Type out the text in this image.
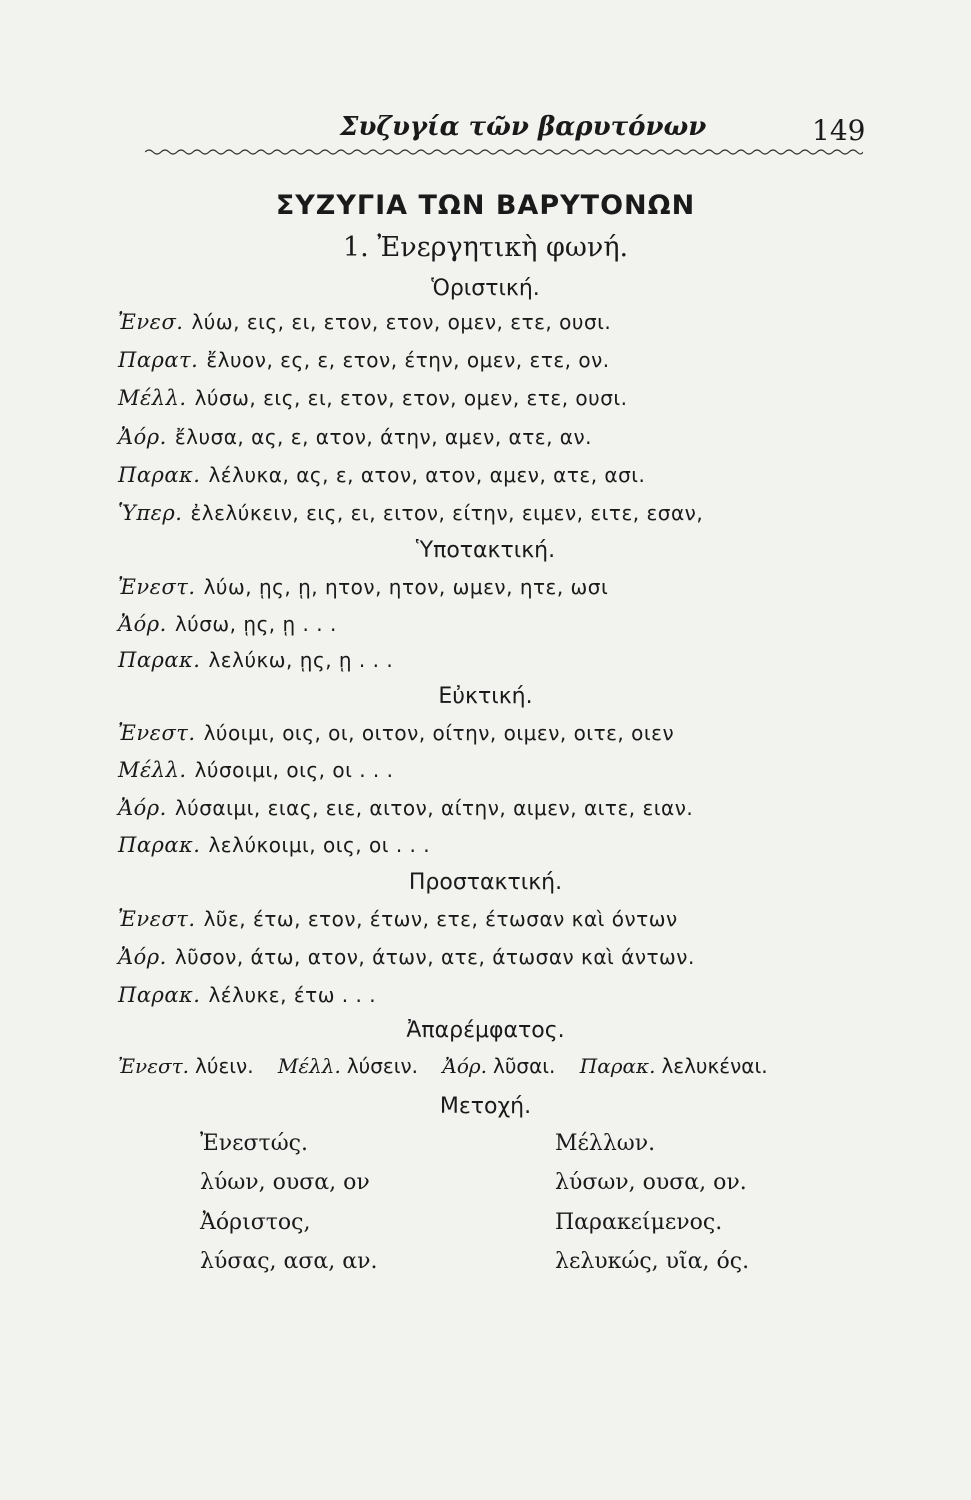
Συζυγία τῶν βαρυτόνων	149
ΣΥΖΥΓΙΑ ΤΩΝ ΒΑΡΥΤΟΝΩΝ
1. Ἐνεργητικὴ φωνή.
Ὁριστική.
Ἐνεσ. λύω, εις, ει, ετον, ετον, ομεν, ετε, ουσι.
Παρατ. ἔλυον, ες, ε, ετον, έτην, ομεν, ετε, ον.
Μέλλ. λύσω, εις, ει, ετον, ετον, ομεν, ετε, ουσι.
Ἀόρ. ἔλυσα, ας, ε, ατον, άτην, αμεν, ατε, αν.
Παρακ. λέλυκα, ας, ε, ατον, ατον, αμεν, ατε, ασι.
Ὑπερ. ἐλελύκειν, εις, ει, ειτον, είτην, ειμεν, ειτε, εσαν,
Ὑποτακτική.
Ἐνεστ. λύω, ῃς, ῃ, ητον, ητον, ωμεν, ητε, ωσι
Ἀόρ. λύσω, ῃς, ῃ . . .
Παρακ. λελύκω, ῃς, ῃ . . .
Εὐκτική.
Ἐνεστ. λύοιμι, οις, οι, οιτον, οίτην, οιμεν, οιτε, οιεν
Μέλλ. λύσοιμι, οις, οι . . .
Ἀόρ. λύσαιμι, ειας, ειε, αιτον, αίτην, αιμεν, αιτε, ειαν.
Παρακ. λελύκοιμι, οις, οι . . .
Προστακτική.
Ἐνεστ. λῦε, έτω, ετον, έτων, ετε, έτωσαν καὶ όντων
Ἀόρ. λῦσον, άτω, ατον, άτων, ατε, άτωσαν καὶ άντων.
Παρακ. λέλυκε, έτω . . .
Ἀπαρέμφατος.
Ἐνεστ. λύειν. Μέλλ. λύσειν. Ἀόρ. λῦσαι. Παρακ. λελυκέναι.
Μετοχή.
Ἐνεστώς.	Μέλλων.
λύων, ουσα, ον	λύσων, ουσα, ον.
Ἀόριστος,	Παρακείμενος.
λύσας, ασα, αν.	λελυκώς, υῖα, ός.
